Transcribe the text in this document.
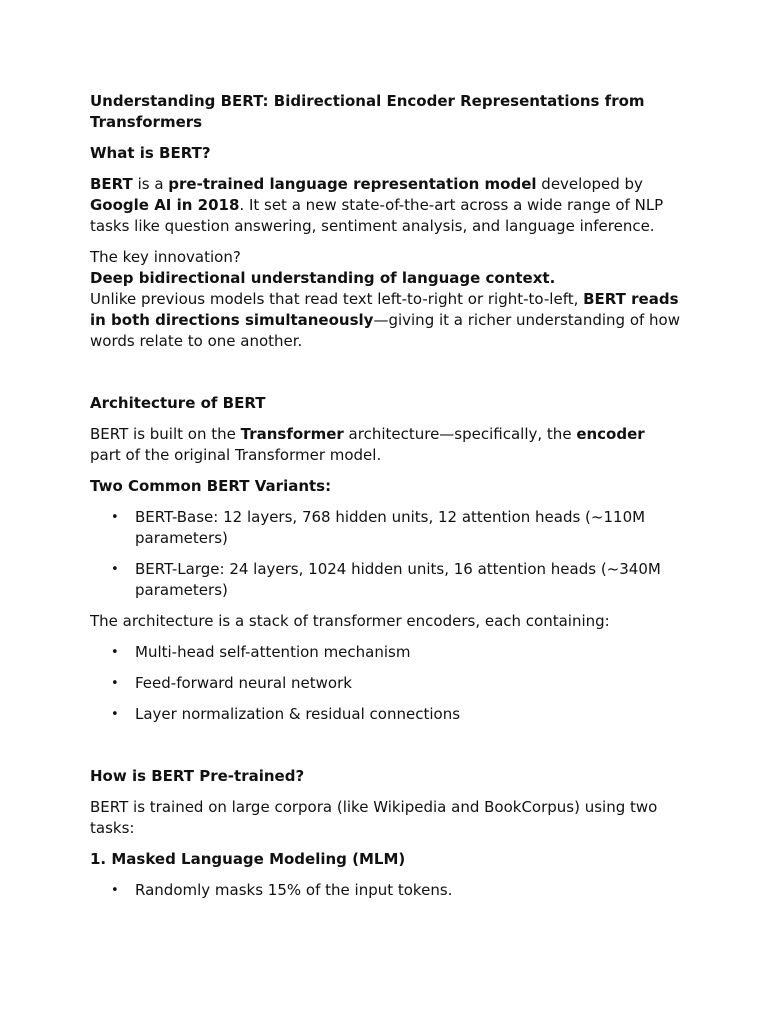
Understanding BERT: Bidirectional Encoder Representations from Transformers
What is BERT?

BERT is a pre-trained language representation model developed by Google AI in 2018. It set a new state-of-the-art across a wide range of NLP tasks like question answering, sentiment analysis, and language inference.

The key innovation?
Deep bidirectional understanding of language context.
Unlike previous models that read text left-to-right or right-to-left, BERT reads in both directions simultaneously—giving it a richer understanding of how words relate to one another.

Architecture of BERT

BERT is built on the Transformer architecture—specifically, the encoder part of the original Transformer model.

Two Common BERT Variants:
• BERT-Base: 12 layers, 768 hidden units, 12 attention heads (~110M parameters)
• BERT-Large: 24 layers, 1024 hidden units, 16 attention heads (~340M parameters)

The architecture is a stack of transformer encoders, each containing:

• Multi-head self-attention mechanism
• Feed-forward neural network
• Layer normalization & residual connections
How is BERT Pre-trained?

BERT is trained on large corpora (like Wikipedia and BookCorpus) using two tasks:

1. Masked Language Modeling (MLM)
• Randomly masks 15% of the input tokens.
